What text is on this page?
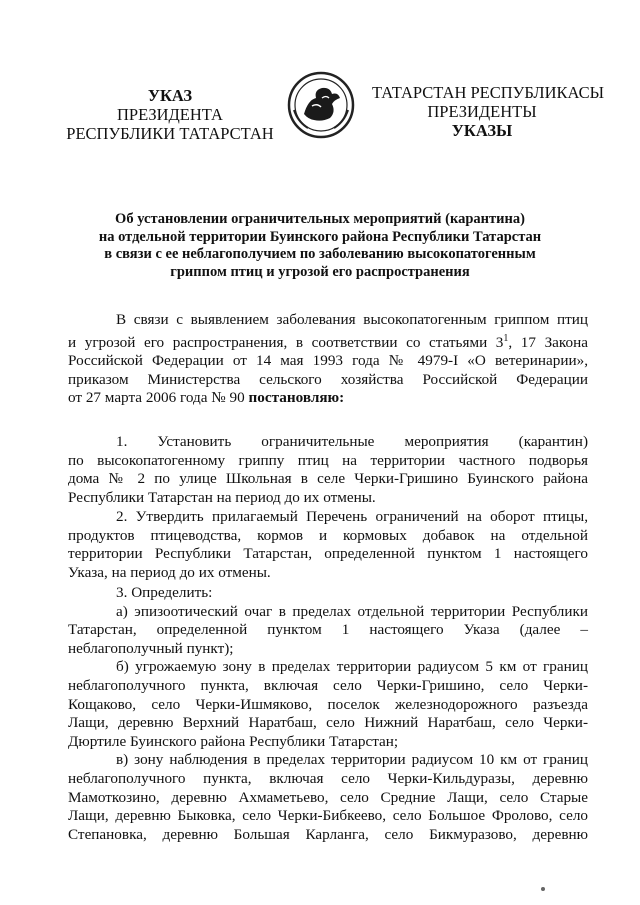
УКАЗ
ПРЕЗИДЕНТА
РЕСПУБЛИКИ ТАТАРСТАН
ТАТАРСТАН РЕСПУБЛИКАСЫ
ПРЕЗИДЕНТЫ
УКАЗЫ
Об установлении ограничительных мероприятий (карантина)
на отдельной территории Буинского района Республики Татарстан
в связи с ее неблагополучием по заболеванию высокопатогенным
гриппом птиц и угрозой его распространения

В связи с выявлением заболевания высокопатогенным гриппом птиц

и угрозой его распространения, в соответствии со статьями $3^1$, 17 Закона

Российской Федерации от 14 мая 1993 года № 4979-I «О ветеринарии»,

приказом Министерства сельского хозяйства Российской Федерации

от 27 марта 2006 года № 90 постановляю:

1. Установить ограничительные мероприятия (карантин)

по высокопатогенному гриппу птиц на территории частного подворья

дома № 2 по улице Школьная в селе Черки-Гришино Буинского района

Республики Татарстан на период до их отмены.

2. Утвердить прилагаемый Перечень ограничений на оборот птицы,

продуктов птицеводства, кормов и кормовых добавок на отдельной

территории Республики Татарстан, определенной пунктом 1 настоящего

Указа, на период до их отмены.

3. Определить:

а) эпизоотический очаг в пределах отдельной территории Республики

Татарстан, определенной пунктом 1 настоящего Указа (далее –

неблагополучный пункт);

б) угрожаемую зону в пределах территории радиусом 5 км от границ

неблагополучного пункта, включая село Черки-Гришино, село Черки-

Кощаково, село Черки-Ишмяково, поселок железнодорожного разъезда

Лащи, деревню Верхний Наратбаш, село Нижний Наратбаш, село Черки-

Дюртиле Буинского района Республики Татарстан;

в) зону наблюдения в пределах территории радиусом 10 км от границ

неблагополучного пункта, включая село Черки-Кильдуразы, деревню

Мамоткозино, деревню Ахмаметьево, село Средние Лащи, село Старые

Лащи, деревню Быковка, село Черки-Бибкеево, село Большое Фролово, село

Степановка, деревню Большая Карланга, село Бикмуразово, деревню
